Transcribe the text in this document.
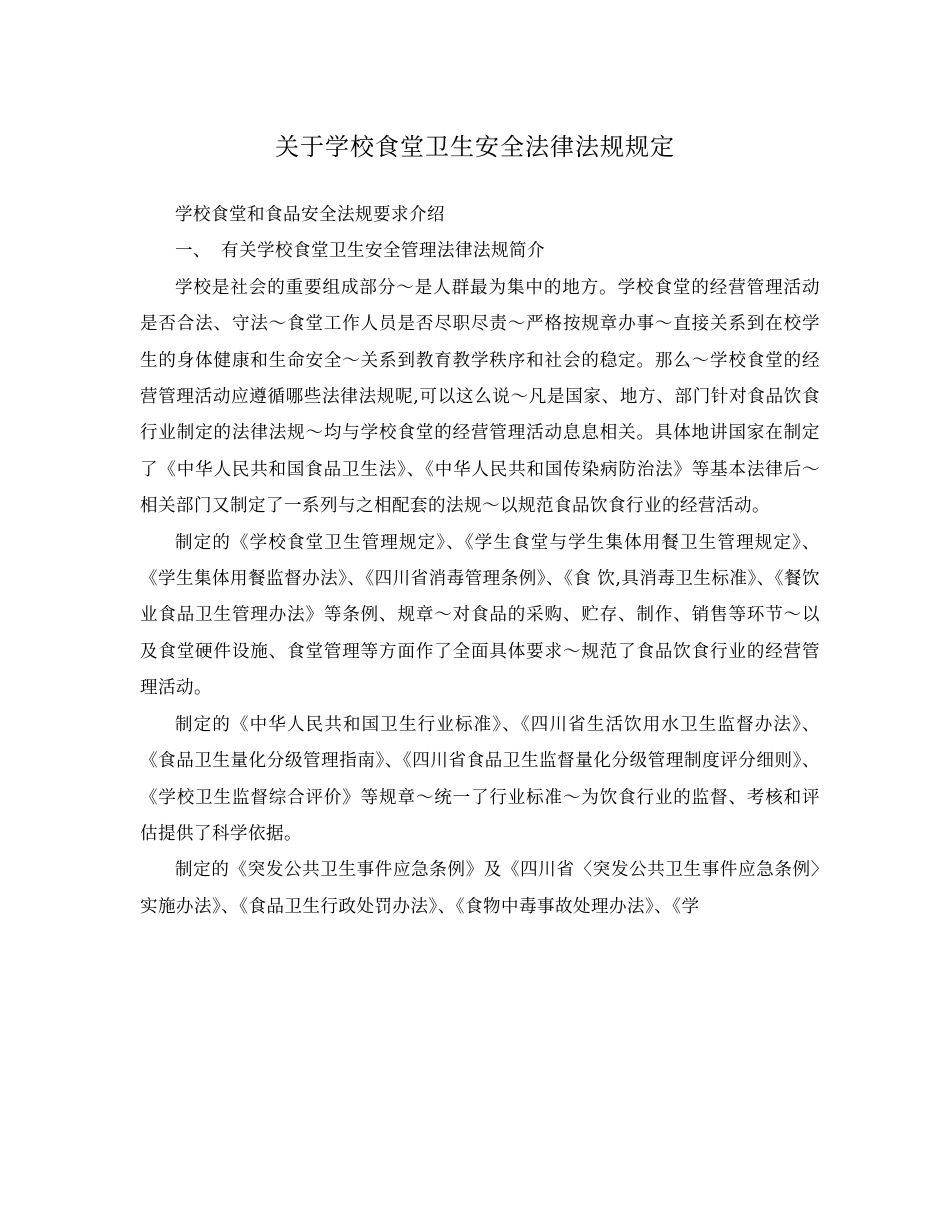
关于学校食堂卫生安全法律法规规定

学校食堂和食品安全法规要求介绍

一、 有关学校食堂卫生安全管理法律法规简介

学校是社会的重要组成部分～是人群最为集中的地方。学校食堂的经营管理活动是否合法、守法～食堂工作人员是否尽职尽责～严格按规章办事～直接关系到在校学生的身体健康和生命安全～关系到教育教学秩序和社会的稳定。那么～学校食堂的经营管理活动应遵循哪些法律法规呢,可以这么说～凡是国家、地方、部门针对食品饮食行业制定的法律法规～均与学校食堂的经营管理活动息息相关。具体地讲国家在制定了《中华人民共和国食品卫生法》、《中华人民共和国传染病防治法》等基本法律后～相关部门又制定了一系列与之相配套的法规～以规范食品饮食行业的经营活动。

制定的《学校食堂卫生管理规定》、《学生食堂与学生集体用餐卫生管理规定》、《学生集体用餐监督办法》、《四川省消毒管理条例》、《食 饮,具消毒卫生标准》、《餐饮业食品卫生管理办法》等条例、规章～对食品的采购、贮存、制作、销售等环节～以及食堂硬件设施、食堂管理等方面作了全面具体要求～规范了食品饮食行业的经营管理活动。

制定的《中华人民共和国卫生行业标准》、《四川省生活饮用水卫生监督办法》、《食品卫生量化分级管理指南》、《四川省食品卫生监督量化分级管理制度评分细则》、《学校卫生监督综合评价》等规章～统一了行业标准～为饮食行业的监督、考核和评估提供了科学依据。

制定的《突发公共卫生事件应急条例》及《四川省〈突发公共卫生事件应急条例〉实施办法》、《食品卫生行政处罚办法》、《食物中毒事故处理办法》、《学
